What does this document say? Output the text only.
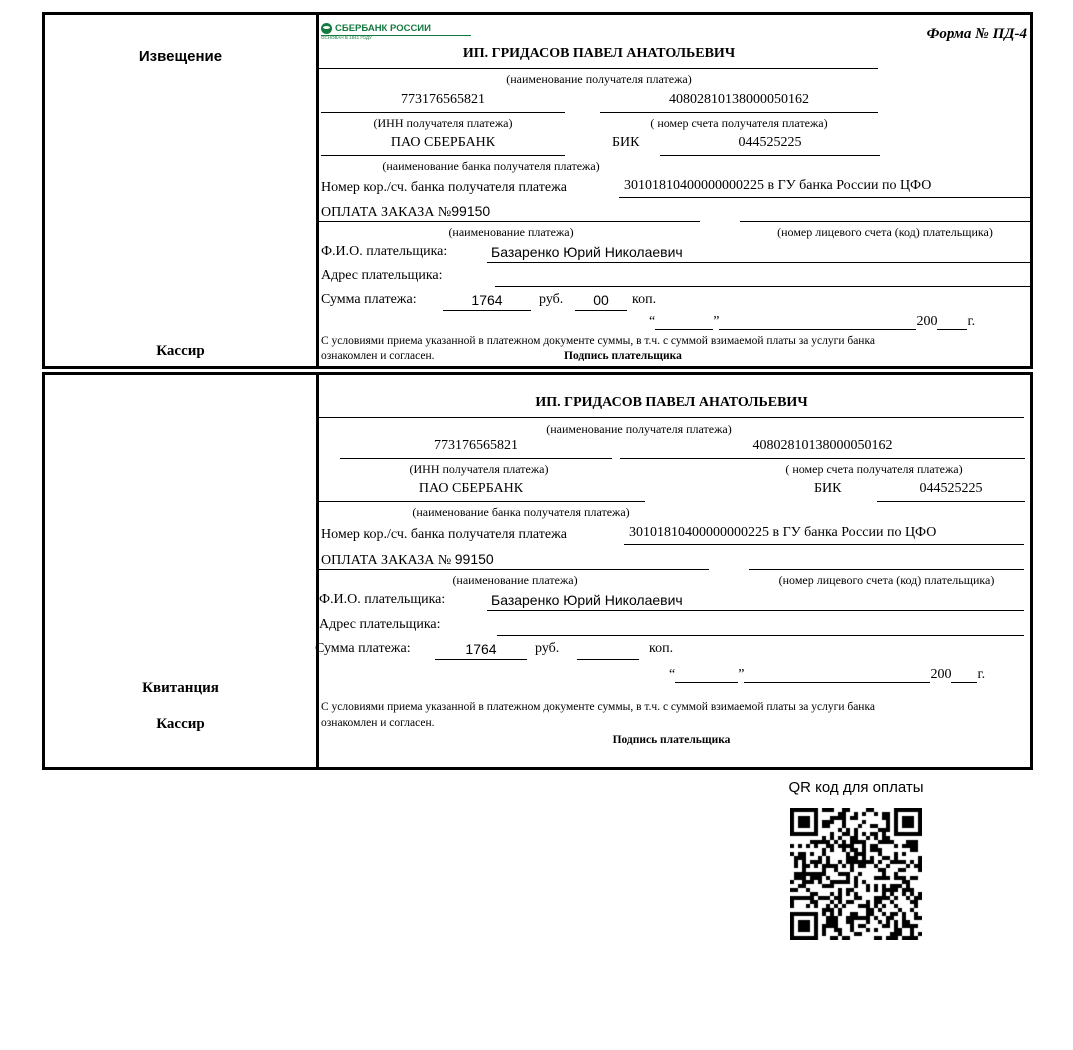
Извещение
Кассир
СБЕРБАНК РОССИИ
ОСНОВАН В 1841 ГОДУ	Форма № ПД-4
ИП. ГРИДАСОВ ПАВЕЛ АНАТОЛЬЕВИЧ
(наименование получателя платежа)
773176565821	40802810138000050162
(ИНН получателя платежа)	( номер счета получателя платежа)
ПАО СБЕРБАНК	БИК	044525225
(наименование банка получателя платежа)
Номер кор./сч. банка получателя платежа	30101810400000000225 в ГУ банка России по ЦФО
ОПЛАТА ЗАКАЗА №99150
(наименование платежа)	(номер лицевого счета (код) плательщика)
Ф.И.О. плательщика:	Базаренко Юрий Николаевич
Адрес плательщика:
Сумма платежа:	1764	руб.	00	коп.
“	”	200 г.
С условиями приема указанной в платежном документе суммы, в т.ч. с суммой взимаемой платы за услуги банка
ознакомлен и согласен.	Подпись плательщика
Квитанция
Кассир
ИП. ГРИДАСОВ ПАВЕЛ АНАТОЛЬЕВИЧ
(наименование получателя платежа)
773176565821	40802810138000050162
(ИНН получателя платежа)	( номер счета получателя платежа)
ПАО СБЕРБАНК	БИК	044525225
(наименование банка получателя платежа)
Номер кор./сч. банка получателя платежа	30101810400000000225 в ГУ банка России по ЦФО
ОПЛАТА ЗАКАЗА № 99150
(наименование платежа)	(номер лицевого счета (код) плательщика)
Ф.И.О. плательщика:	Базаренко Юрий Николаевич
Адрес плательщика:
Сумма платежа:	1764	руб.	коп.
“	”	200 г.
С условиями приема указанной в платежном документе суммы, в т.ч. с суммой взимаемой платы за услуги банка
ознакомлен и согласен.
Подпись плательщика
QR код для оплаты
